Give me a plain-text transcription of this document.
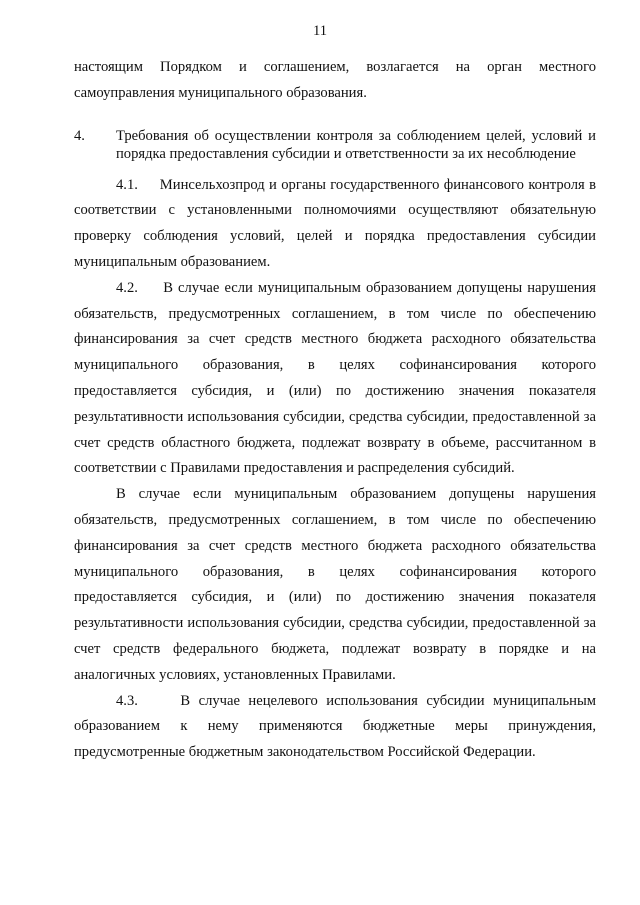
11

настоящим Порядком и соглашением, возлагается на орган местного самоуправления муниципального образования.

4.	Требования об осуществлении контроля за соблюдением целей, условий и порядка предоставления субсидии и ответственности за их несоблюдение

4.1. Минсельхозпрод и органы государственного финансового контроля в соответствии с установленными полномочиями осуществляют обязательную проверку соблюдения условий, целей и порядка предоставления субсидии муниципальным образованием.

4.2. В случае если муниципальным образованием допущены нарушения обязательств, предусмотренных соглашением, в том числе по обеспечению финансирования за счет средств местного бюджета расходного обязательства муниципального образования, в целях софинансирования которого предоставляется субсидия, и (или) по достижению значения показателя результативности использования субсидии, средства субсидии, предоставленной за счет средств областного бюджета, подлежат возврату в объеме, рассчитанном в соответствии с Правилами предоставления и распределения субсидий.

В случае если муниципальным образованием допущены нарушения обязательств, предусмотренных соглашением, в том числе по обеспечению финансирования за счет средств местного бюджета расходного обязательства муниципального образования, в целях софинансирования которого предоставляется субсидия, и (или) по достижению значения показателя результативности использования субсидии, средства субсидии, предоставленной за счет средств федерального бюджета, подлежат возврату в порядке и на аналогичных условиях, установленных Правилами.

4.3.	В случае нецелевого использования субсидии муниципальным образованием к нему применяются бюджетные меры принуждения, предусмотренные бюджетным законодательством Российской Федерации.
